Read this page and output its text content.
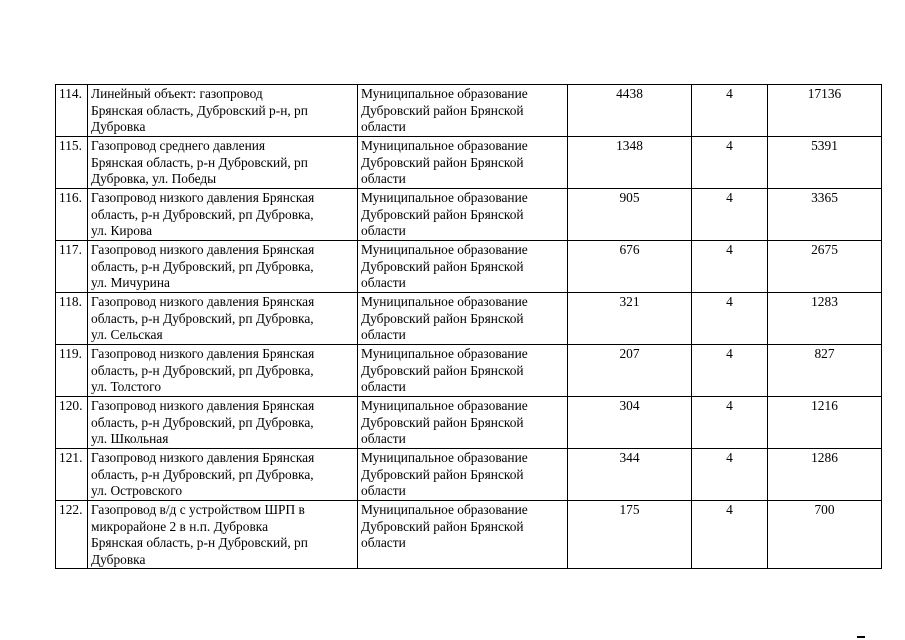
114.	Линейный объект: газопровод
Брянская область, Дубровский р-н, рп
Дубровка	Муниципальное образование
Дубровский район Брянской
области	4438	4	17136
115.	Газопровод среднего давления
Брянская область, р-н Дубровский, рп
Дубровка, ул. Победы	Муниципальное образование
Дубровский район Брянской
области	1348	4	5391
116.	Газопровод низкого давления Брянская
область, р-н Дубровский, рп Дубровка,
ул. Кирова	Муниципальное образование
Дубровский район Брянской
области	905	4	3365
117.	Газопровод низкого давления Брянская
область, р-н Дубровский, рп Дубровка,
ул. Мичурина	Муниципальное образование
Дубровский район Брянской
области	676	4	2675
118.	Газопровод низкого давления Брянская
область, р-н Дубровский, рп Дубровка,
ул. Сельская	Муниципальное образование
Дубровский район Брянской
области	321	4	1283
119.	Газопровод низкого давления Брянская
область, р-н Дубровский, рп Дубровка,
ул. Толстого	Муниципальное образование
Дубровский район Брянской
области	207	4	827
120.	Газопровод низкого давления Брянская
область, р-н Дубровский, рп Дубровка,
ул. Школьная	Муниципальное образование
Дубровский район Брянской
области	304	4	1216
121.	Газопровод низкого давления Брянская
область, р-н Дубровский, рп Дубровка,
ул. Островского	Муниципальное образование
Дубровский район Брянской
области	344	4	1286
122.	Газопровод в/д с устройством ШРП в
микрорайоне 2 в н.п. Дубровка
Брянская область, р-н Дубровский, рп
Дубровка	Муниципальное образование
Дубровский район Брянской
области	175	4	700
